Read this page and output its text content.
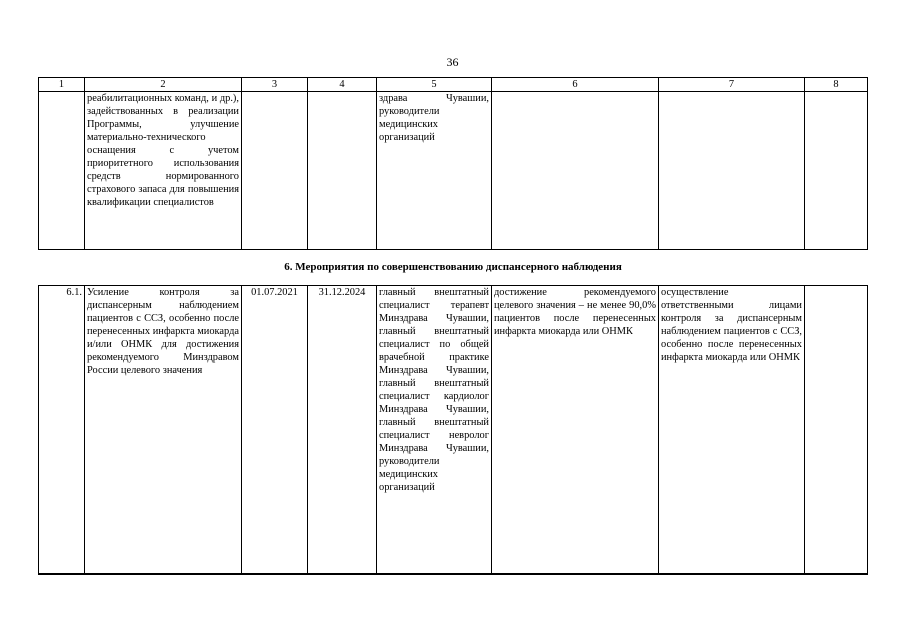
36
1	2	3	4	5	6	7	8
	реабилитационных команд, и др.), задействованных в реализации Программы, улучшение материально-технического оснащения с учетом приоритетного использования средств нормированного страхового запаса для повышения квалификации специалистов			здрава Чувашии, руководители медицинских организаций			
6. Мероприятия по совершенствованию диспансерного наблюдения							
6.1.	Усиление контроля за диспансерным наблюдением пациентов с ССЗ, особенно после перенесенных инфаркта миокарда и/или ОНМК для достижения рекомендуемого Минздравом России целевого значения	01.07.2021	31.12.2024	главный внештатный специалист терапевт Минздрава Чувашии, главный внештатный специалист по общей врачебной практике Минздрава Чувашии, главный внештатный специалист кардиолог Минздрава Чувашии, главный внештатный специалист невролог Минздрава Чувашии, руководители медицинских организаций	достижение рекомендуемого целевого значения – не менее 90,0% пациентов после перенесенных инфаркта миокарда или ОНМК	осуществление ответственными лицами контроля за диспансерным наблюдением пациентов с ССЗ, особенно после перенесенных инфаркта миокарда или ОНМК	
